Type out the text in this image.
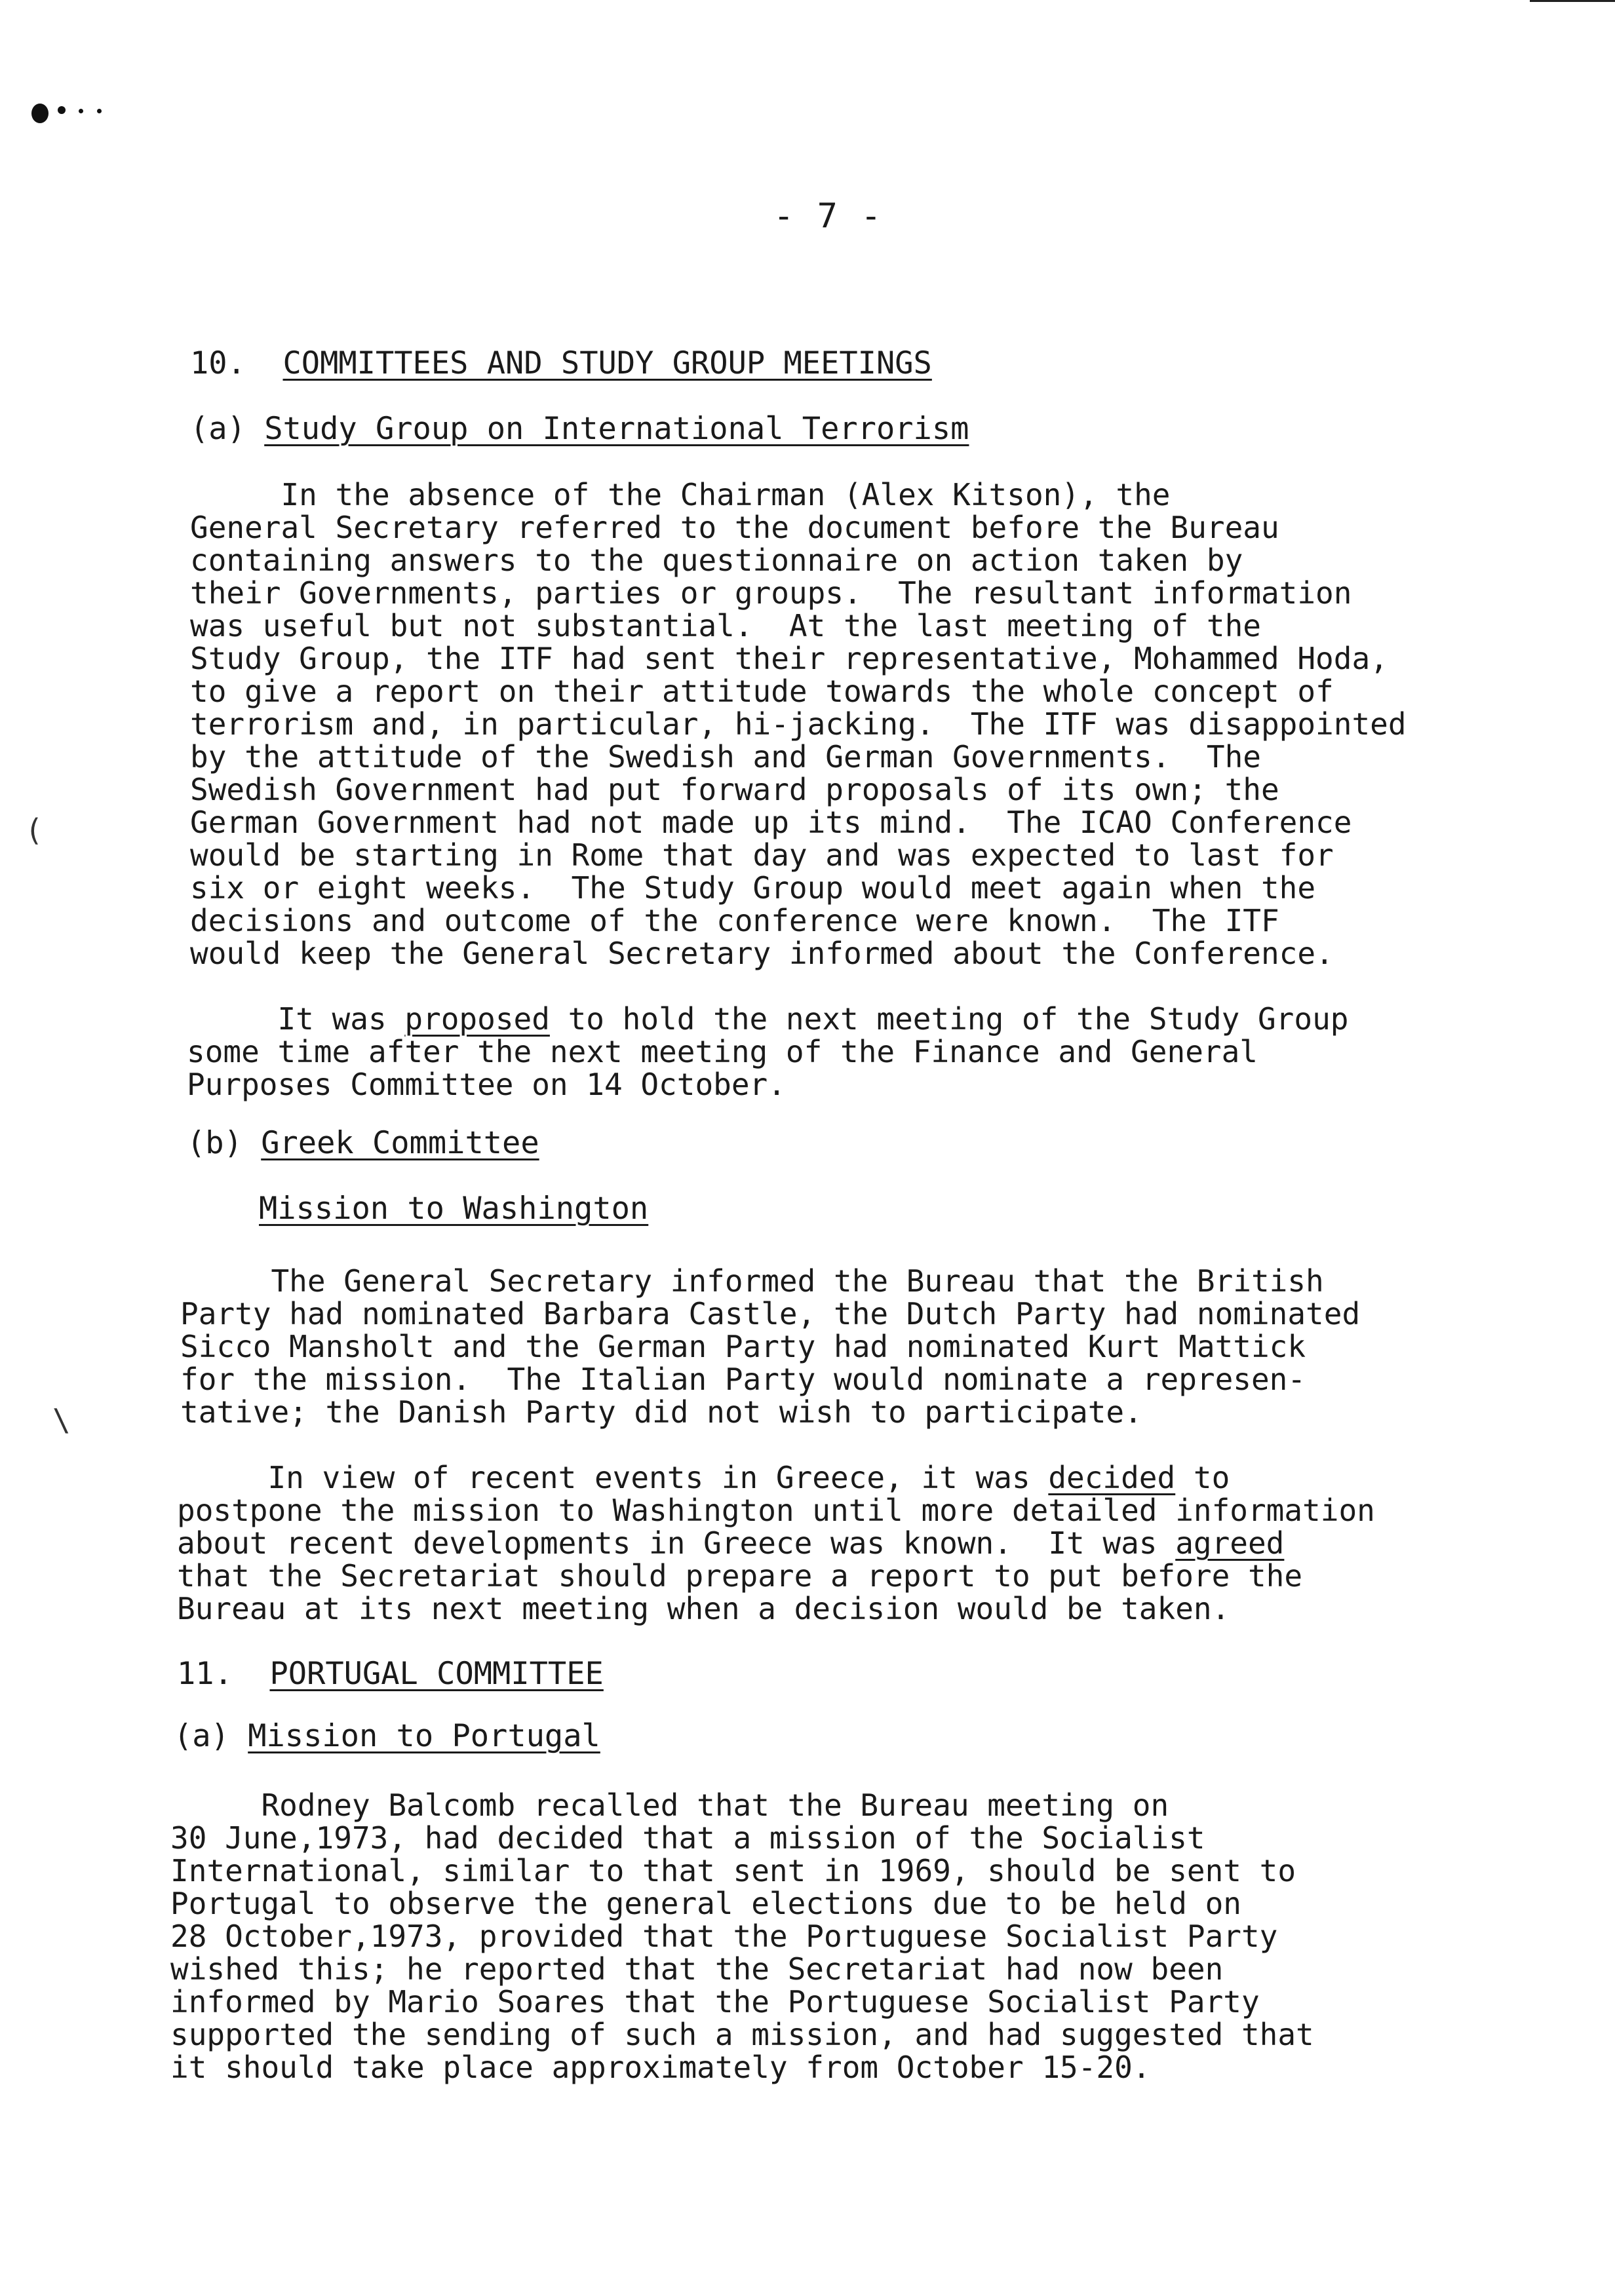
(
\
- 7 -
10. COMMITTEES AND STUDY GROUP MEETINGS
(a) Study Group on International Terrorism
In the absence of the Chairman (Alex Kitson), the
General Secretary referred to the document before the Bureau
containing answers to the questionnaire on action taken by
their Governments, parties or groups.  The resultant information
was useful but not substantial.  At the last meeting of the
Study Group, the ITF had sent their representative, Mohammed Hoda,
to give a report on their attitude towards the whole concept of
terrorism and, in particular, hi-jacking.  The ITF was disappointed
by the attitude of the Swedish and German Governments.  The
Swedish Government had put forward proposals of its own; the
German Government had not made up its mind.  The ICAO Conference
would be starting in Rome that day and was expected to last for
six or eight weeks.  The Study Group would meet again when the
decisions and outcome of the conference were known.  The ITF
would keep the General Secretary informed about the Conference.
It was proposed to hold the next meeting of the Study Group
some time after the next meeting of the Finance and General
Purposes Committee on 14 October.
(b) Greek Committee
Mission to Washington
The General Secretary informed the Bureau that the British
Party had nominated Barbara Castle, the Dutch Party had nominated
Sicco Mansholt and the German Party had nominated Kurt Mattick
for the mission.  The Italian Party would nominate a represen-
tative; the Danish Party did not wish to participate.
In view of recent events in Greece, it was decided to
postpone the mission to Washington until more detailed information
about recent developments in Greece was known.  It was agreed
that the Secretariat should prepare a report to put before the
Bureau at its next meeting when a decision would be taken.
11. PORTUGAL COMMITTEE
(a) Mission to Portugal
Rodney Balcomb recalled that the Bureau meeting on
30 June,1973, had decided that a mission of the Socialist
International, similar to that sent in 1969, should be sent to
Portugal to observe the general elections due to be held on
28 October,1973, provided that the Portuguese Socialist Party
wished this; he reported that the Secretariat had now been
informed by Mario Soares that the Portuguese Socialist Party
supported the sending of such a mission, and had suggested that
it should take place approximately from October 15-20.
